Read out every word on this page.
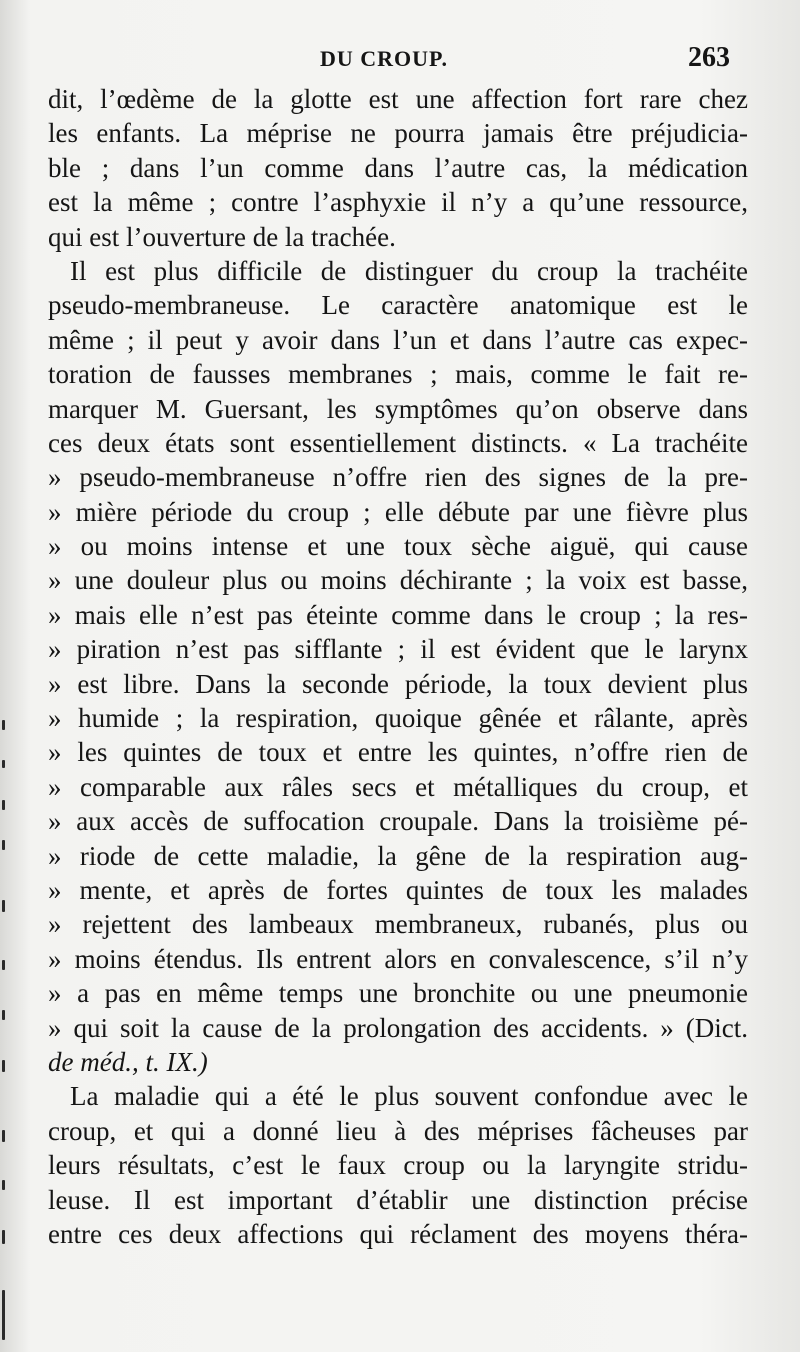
DU CROUP.	263
dit, l’œdème de la glotte est une affection fort rare chez
les enfants. La méprise ne pourra jamais être préjudicia-
ble ; dans l’un comme dans l’autre cas, la médication
est la même ; contre l’asphyxie il n’y a qu’une ressource,
qui est l’ouverture de la trachée.
Il est plus difficile de distinguer du croup la trachéite
pseudo-membraneuse. Le caractère anatomique est le
même ; il peut y avoir dans l’un et dans l’autre cas expec-
toration de fausses membranes ; mais, comme le fait re-
marquer M. Guersant, les symptômes qu’on observe dans
ces deux états sont essentiellement distincts. « La trachéite
» pseudo-membraneuse n’offre rien des signes de la pre-
» mière période du croup ; elle débute par une fièvre plus
» ou moins intense et une toux sèche aiguë, qui cause
» une douleur plus ou moins déchirante ; la voix est basse,
» mais elle n’est pas éteinte comme dans le croup ; la res-
» piration n’est pas sifflante ; il est évident que le larynx
» est libre. Dans la seconde période, la toux devient plus
» humide ; la respiration, quoique gênée et râlante, après
» les quintes de toux et entre les quintes, n’offre rien de
» comparable aux râles secs et métalliques du croup, et
» aux accès de suffocation croupale. Dans la troisième pé-
» riode de cette maladie, la gêne de la respiration aug-
» mente, et après de fortes quintes de toux les malades
» rejettent des lambeaux membraneux, rubanés, plus ou
» moins étendus. Ils entrent alors en convalescence, s’il n’y
» a pas en même temps une bronchite ou une pneumonie
» qui soit la cause de la prolongation des accidents. » (Dict.
de méd., t. IX.)
La maladie qui a été le plus souvent confondue avec le
croup, et qui a donné lieu à des méprises fâcheuses par
leurs résultats, c’est le faux croup ou la laryngite stridu-
leuse. Il est important d’établir une distinction précise
entre ces deux affections qui réclament des moyens théra-
